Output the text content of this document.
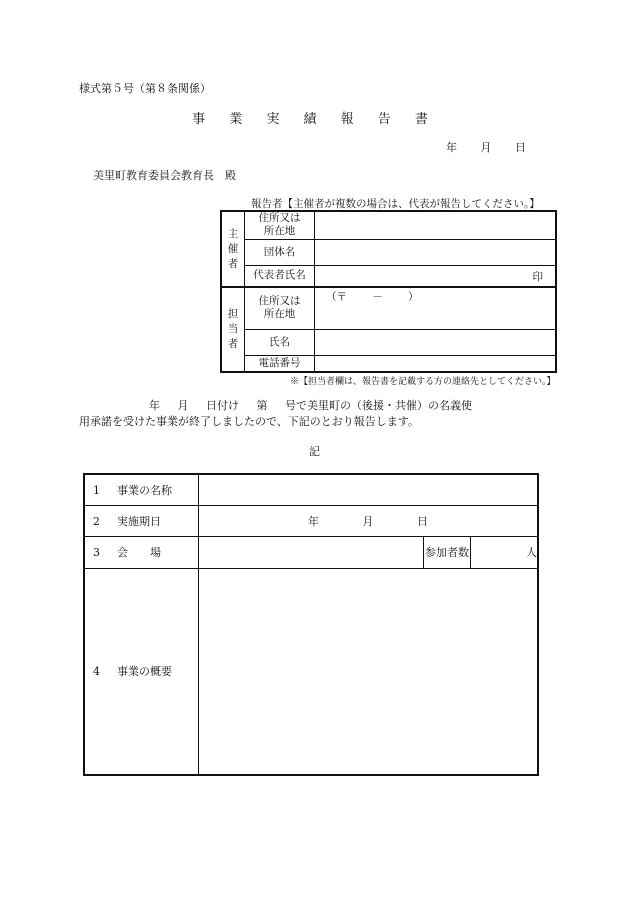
様式第５号（第８条関係）
事 業 実 績 報 告 書
年 月 日
美里町教育委員会教育長　殿
報告者【主催者が複数の場合は、代表が報告してください。】
主
催
者	住所又は
所在地	
	団体名	
	代表者氏名	印

担
当
者	住所又は
所在地	（〒 － ）

	氏名	
	電話番号	
※【担当者欄は、報告書を記載する方の連絡先としてください。】
年 月 日付け 第 号で美里町の（後援・共催）の名義使
用承諾を受けた事業が終了しましたので、下記のとおり報告します。
記
1 事業の名称			
2 実施期日	年 月 日		
3 会　　場		参加者数	人
4 事業の概要			
